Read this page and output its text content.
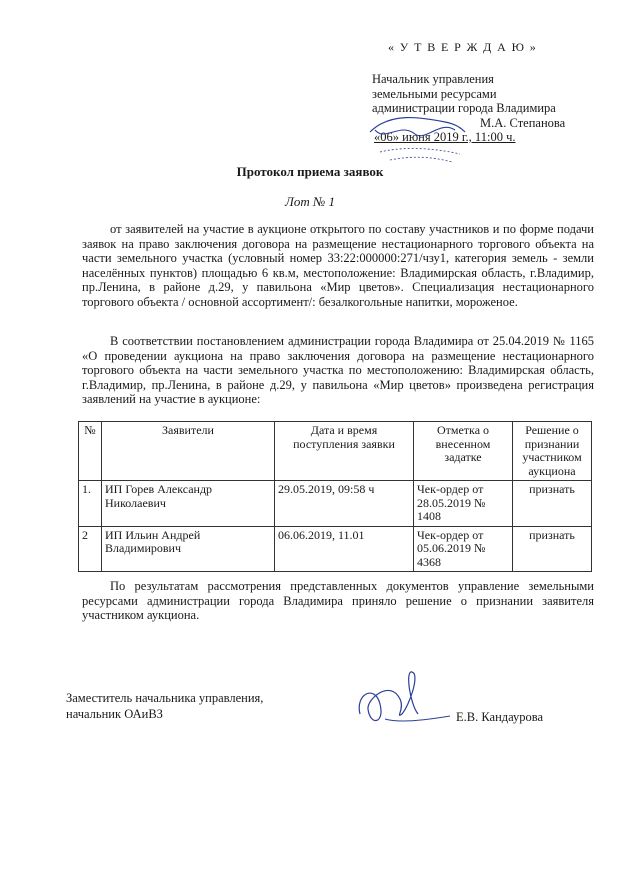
« У Т В Е Р Ж Д А Ю »
Начальник управления
земельными ресурсами
администрации города Владимира
М.А. Степанова
«06» июня 2019 г., 11:00 ч.
Протокол приема заявок
Лот № 1
от заявителей на участие в аукционе открытого по составу участников и по форме подачи заявок на право заключения договора на размещение нестационарного торгового объекта на части земельного участка (условный номер 33:22:000000:271/чзу1, категория земель - земли населённых пунктов) площадью 6 кв.м, местоположение: Владимирская область, г.Владимир, пр.Ленина, в районе д.29, у павильона «Мир цветов». Специализация нестационарного торгового объекта / основной ассортимент/: безалкогольные напитки, мороженое.
В соответствии постановлением администрации города Владимира от 25.04.2019 № 1165 «О проведении аукциона на право заключения договора на размещение нестационарного торгового объекта на части земельного участка по местоположению: Владимирская область, г.Владимир, пр.Ленина, в районе д.29, у павильона «Мир цветов» произведена регистрация заявлений на участие в аукционе:
№	Заявители	Дата и время поступления заявки	Отметка о внесенном задатке	Решение о признании участником аукциона
1.	ИП Горев Александр Николаевич	29.05.2019, 09:58 ч	Чек-ордер от 28.05.2019 № 1408	признать
2	ИП Ильин Андрей Владимирович	06.06.2019, 11.01	Чек-ордер от 05.06.2019 № 4368	признать
По результатам рассмотрения представленных документов управление земельными ресурсами администрации города Владимира приняло решение о признании заявителя участником аукциона.
Заместитель начальника управления,
начальник ОАиВЗ	Е.В. Кандаурова
